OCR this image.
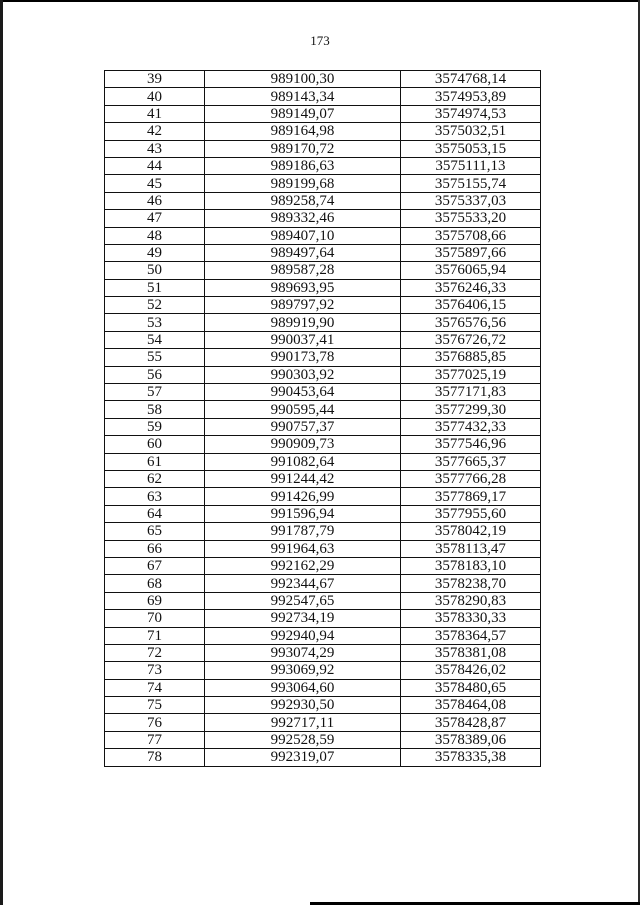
173
39	989100,30	3574768,14
40	989143,34	3574953,89
41	989149,07	3574974,53
42	989164,98	3575032,51
43	989170,72	3575053,15
44	989186,63	3575111,13
45	989199,68	3575155,74
46	989258,74	3575337,03
47	989332,46	3575533,20
48	989407,10	3575708,66
49	989497,64	3575897,66
50	989587,28	3576065,94
51	989693,95	3576246,33
52	989797,92	3576406,15
53	989919,90	3576576,56
54	990037,41	3576726,72
55	990173,78	3576885,85
56	990303,92	3577025,19
57	990453,64	3577171,83
58	990595,44	3577299,30
59	990757,37	3577432,33
60	990909,73	3577546,96
61	991082,64	3577665,37
62	991244,42	3577766,28
63	991426,99	3577869,17
64	991596,94	3577955,60
65	991787,79	3578042,19
66	991964,63	3578113,47
67	992162,29	3578183,10
68	992344,67	3578238,70
69	992547,65	3578290,83
70	992734,19	3578330,33
71	992940,94	3578364,57
72	993074,29	3578381,08
73	993069,92	3578426,02
74	993064,60	3578480,65
75	992930,50	3578464,08
76	992717,11	3578428,87
77	992528,59	3578389,06
78	992319,07	3578335,38
